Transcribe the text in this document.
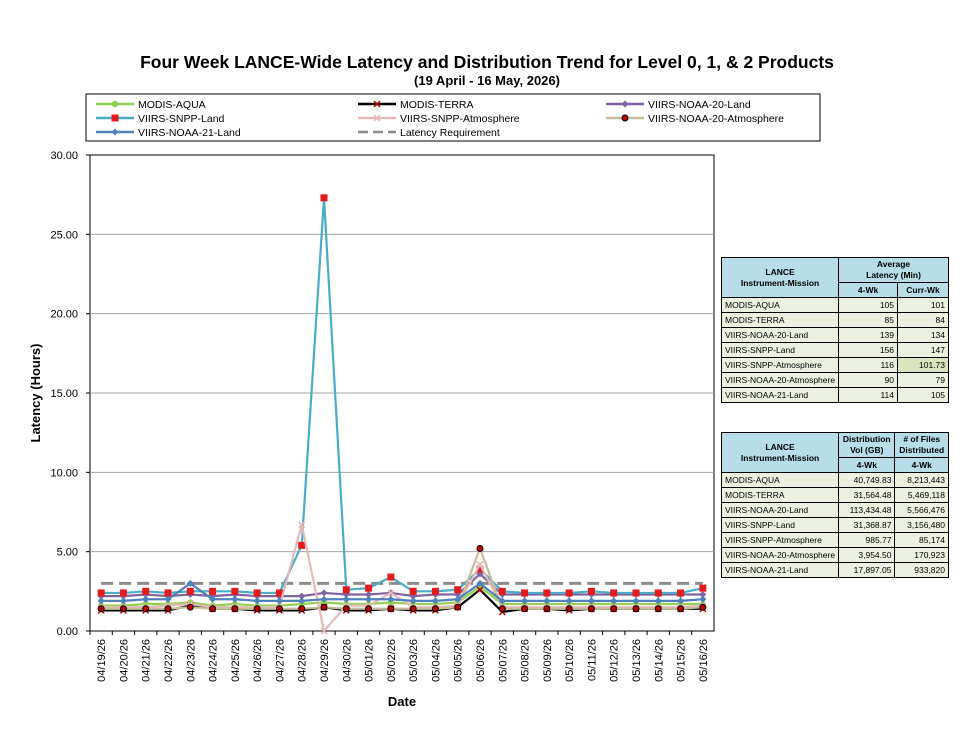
Four Week LANCE-Wide Latency and Distribution Trend for Level 0, 1, & 2 Products
(19 April - 16 May, 2026)
MODIS-AQUA	MODIS-TERRA	VIIRS-NOAA-20-Land
VIIRS-SNPP-Land	VIIRS-SNPP-Atmosphere	VIIRS-NOAA-20-Atmosphere
VIIRS-NOAA-21-Land	Latency Requirement
0.00
5.00
10.00
15.00
20.00
25.00
30.00
04/19/26 04/20/26 04/21/26 04/22/26 04/23/26 04/24/26 04/25/26 04/26/26 04/27/26 04/28/26 04/29/26 04/30/26 05/01/26 05/02/26 05/03/26 05/04/26 05/05/26 05/06/26 05/07/26 05/08/26 05/09/26 05/10/26 05/11/26 05/12/26 05/13/26 05/14/26 05/15/26 05/16/26
Latency (Hours)
Date
LANCE
Instrument-Mission	Average
Latency (Min)	
	4-Wk	Curr-Wk
MODIS-AQUA	105	101
MODIS-TERRA	85	84
VIIRS-NOAA-20-Land	139	134
VIIRS-SNPP-Land	156	147
VIIRS-SNPP-Atmosphere	116	101.73
VIIRS-NOAA-20-Atmosphere	90	79
VIIRS-NOAA-21-Land	114	105
LANCE
Instrument-Mission	Distribution
Vol (GB)	# of Files
Distributed
	4-Wk	4-Wk
MODIS-AQUA	40,749.83	8,213,443
MODIS-TERRA	31,564.48	5,469,118
VIIRS-NOAA-20-Land	113,434.48	5,566,476
VIIRS-SNPP-Land	31,368.87	3,156,480
VIIRS-SNPP-Atmosphere	985.77	85,174
VIIRS-NOAA-20-Atmosphere	3,954.50	170,923
VIIRS-NOAA-21-Land	17,897.05	933,820
